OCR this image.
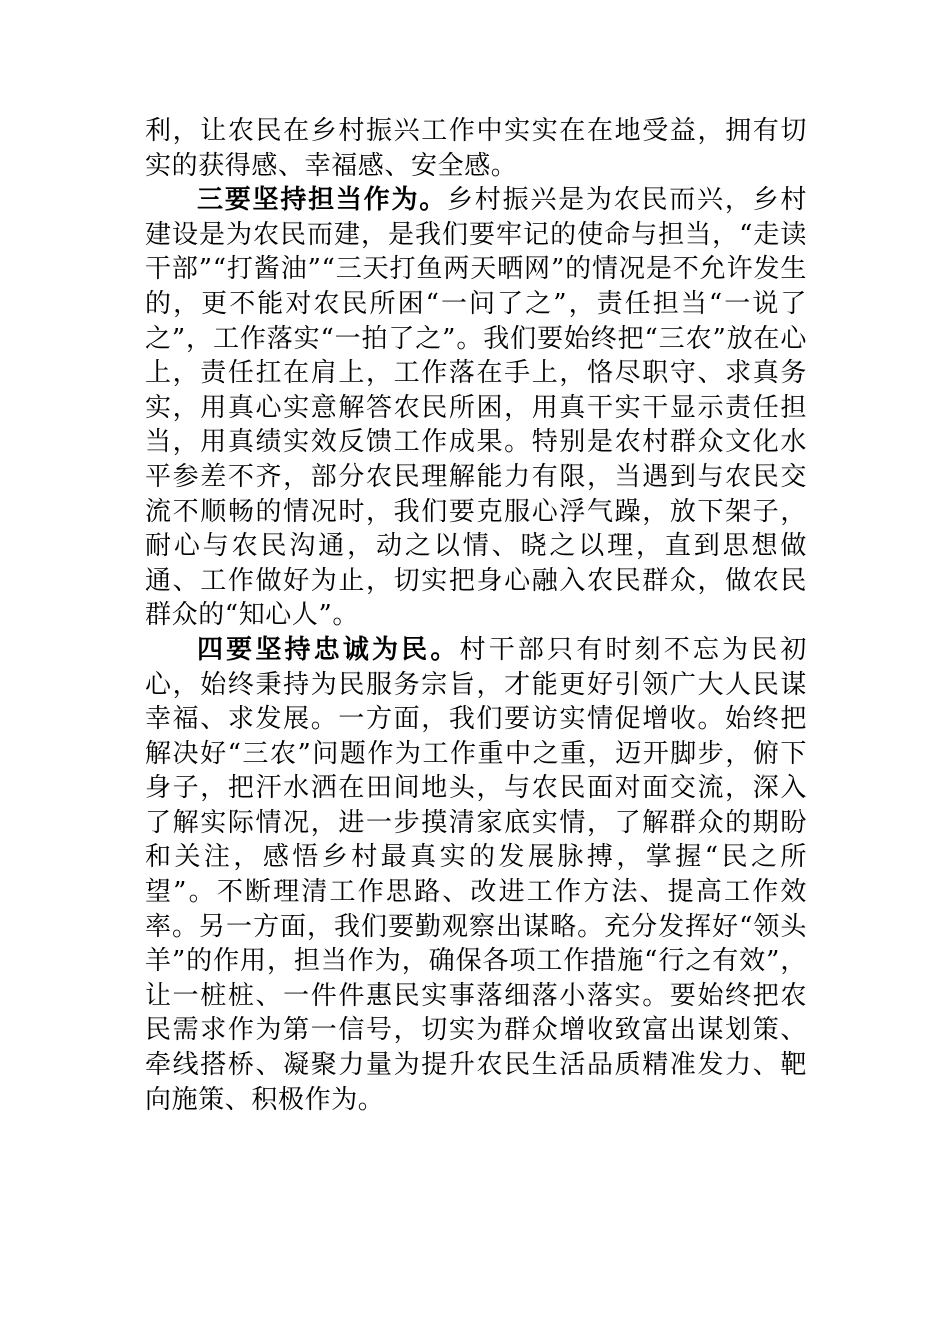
利，让农民在乡村振兴工作中实实在在地受益，拥有切实的获得感、幸福感、安全感。

三要坚持担当作为。乡村振兴是为农民而兴，乡村建设是为农民而建，是我们要牢记的使命与担当，“走读干部”“打酱油”“三天打鱼两天晒网”的情况是不允许发生的，更不能对农民所困“一问了之”，责任担当“一说了之”，工作落实“一拍了之”。我们要始终把“三农”放在心上，责任扛在肩上，工作落在手上，恪尽职守、求真务实，用真心实意解答农民所困，用真干实干显示责任担当，用真绩实效反馈工作成果。特别是农村群众文化水平参差不齐，部分农民理解能力有限，当遇到与农民交流不顺畅的情况时，我们要克服心浮气躁，放下架子，耐心与农民沟通，动之以情、晓之以理，直到思想做通、工作做好为止，切实把身心融入农民群众，做农民群众的“知心人”。

四要坚持忠诚为民。村干部只有时刻不忘为民初心，始终秉持为民服务宗旨，才能更好引领广大人民谋幸福、求发展。一方面，我们要访实情促增收。始终把解决好“三农”问题作为工作重中之重，迈开脚步，俯下身子，把汗水洒在田间地头，与农民面对面交流，深入了解实际情况，进一步摸清家底实情，了解群众的期盼和关注，感悟乡村最真实的发展脉搏，掌握“民之所望”。不断理清工作思路、改进工作方法、提高工作效率。另一方面，我们要勤观察出谋略。充分发挥好“领头羊”的作用，担当作为，确保各项工作措施“行之有效”，让一桩桩、一件件惠民实事落细落小落实。要始终把农民需求作为第一信号，切实为群众增收致富出谋划策、牵线搭桥、凝聚力量为提升农民生活品质精准发力、靶向施策、积极作为。
